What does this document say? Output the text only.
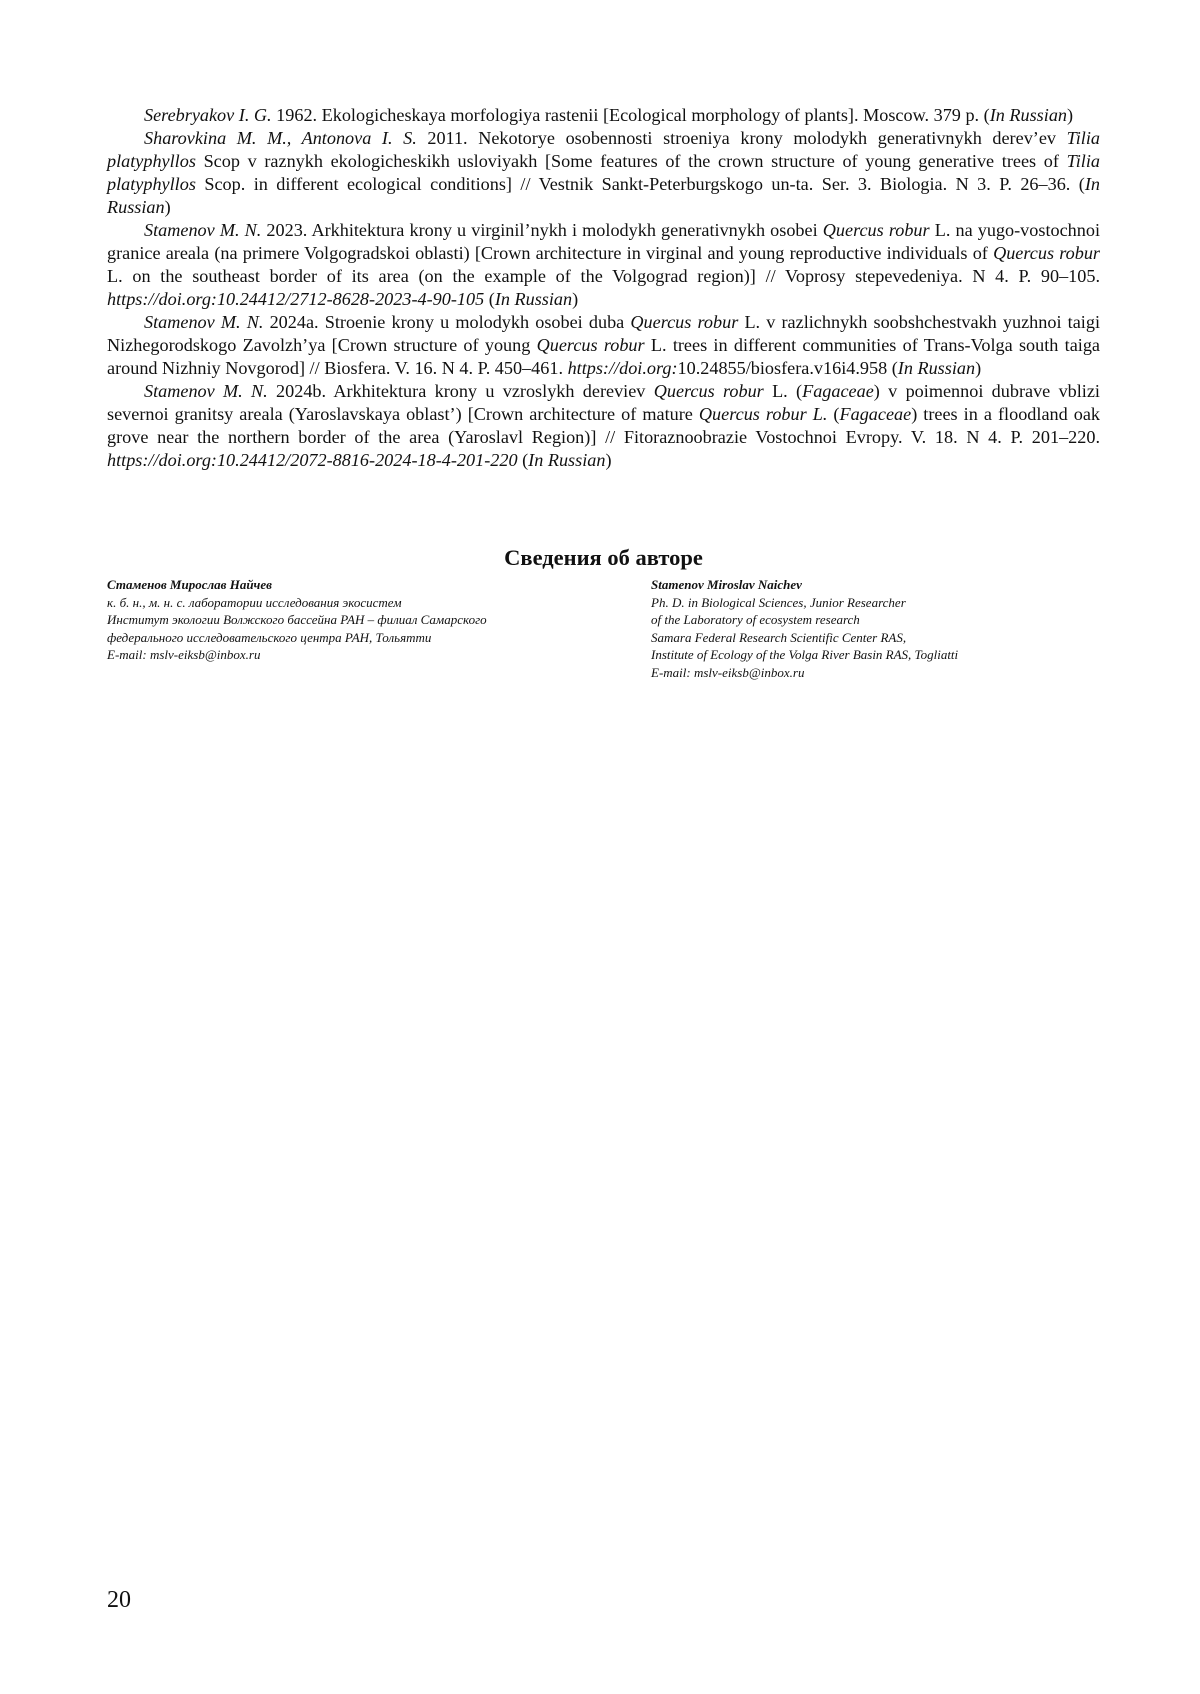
Serebryakov I. G. 1962. Ekologicheskaya morfologiya rastenii [Ecological morphology of plants]. Moscow. 379 p. (In Russian)

Sharovkina M. M., Antonova I. S. 2011. Nekotorye osobennosti stroeniya krony molodykh generativnykh derev’ev Tilia platyphyllos Scop v raznykh ekologicheskikh usloviyakh [Some features of the crown structure of young generative trees of Tilia platyphyllos Scop. in different ecological conditions] // Vestnik Sankt-Peterburgskogo un-ta. Ser. 3. Biologia. N 3. P. 26–36. (In Russian)

Stamenov M. N. 2023. Arkhitektura krony u virginil’nykh i molodykh generativnykh osobei Quercus robur L. na yugo-vostochnoi granice areala (na primere Volgogradskoi oblasti) [Crown architecture in virginal and young reproductive individuals of Quercus robur L. on the southeast border of its area (on the example of the Volgograd region)] // Voprosy stepevedeniya. N 4. P. 90–105. https://doi.org:10.24412/2712-8628-2023-4-90-105 (In Russian)

Stamenov M. N. 2024a. Stroenie krony u molodykh osobei duba Quercus robur L. v razlichnykh soobshchestvakh yuzhnoi taigi Nizhegorodskogo Zavolzh’ya [Crown structure of young Quercus robur L. trees in different communities of Trans-Volga south taiga around Nizhniy Novgorod] // Biosfera. V. 16. N 4. P. 450–461. https://doi.org:10.24855/biosfera.v16i4.958 (In Russian)

Stamenov M. N. 2024b. Arkhitektura krony u vzroslykh dereviev Quercus robur L. (Fagaceae) v poimennoi dubrave vblizi severnoi granitsy areala (Yaroslavskaya oblast’) [Crown architecture of mature Quercus robur L. (Fagaceae) trees in a floodland oak grove near the northern border of the area (Yaroslavl Region)] // Fitoraznoobrazie Vostochnoi Evropy. V. 18. N 4. P. 201–220. https://doi.org:10.24412/2072-8816-2024-18-4-201-220 (In Russian)

Сведения об авторе
Стаменов Мирослав Найчев
к. б. н., м. н. с. лаборатории исследования экосистем
Институт экологии Волжского бассейна РАН – филиал Самарского
федерального исследовательского центра РАН, Тольятти
E-mail: mslv-eiksb@inbox.ru
Stamenov Miroslav Naichev
Ph. D. in Biological Sciences, Junior Researcher
of the Laboratory of ecosystem research
Samara Federal Research Scientific Center RAS,
Institute of Ecology of the Volga River Basin RAS, Togliatti
E-mail: mslv-eiksb@inbox.ru
20
